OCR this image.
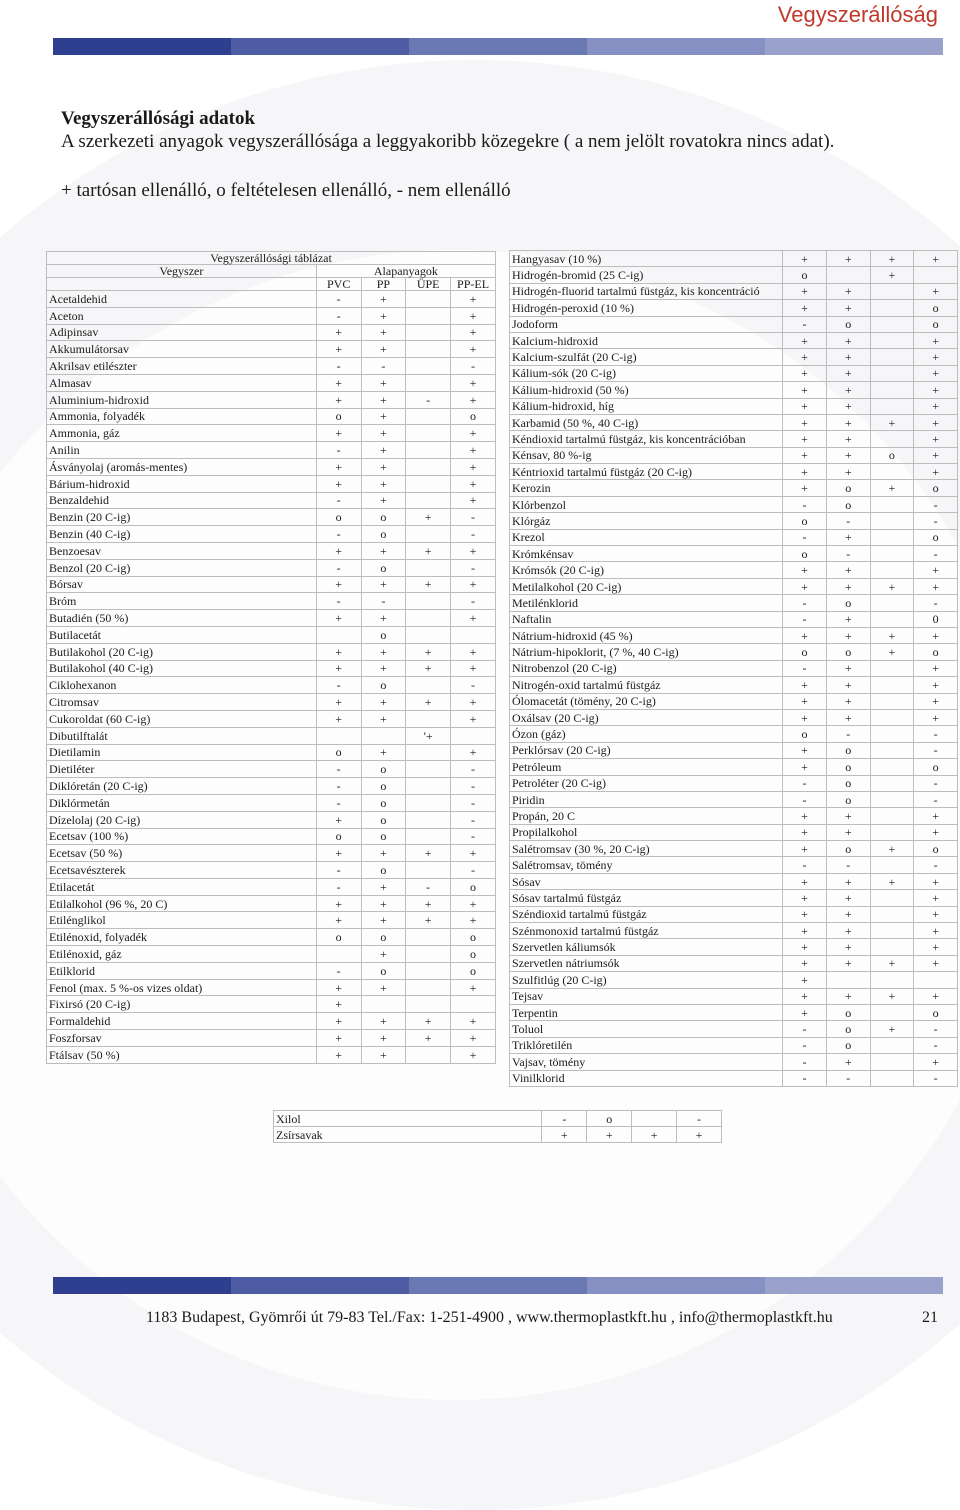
Vegyszerállóság
Vegyszerállósági adatok
A szerkezeti anyagok vegyszerállósága a leggyakoribb közegekre ( a nem jelölt rovatokra nincs adat).
+ tartósan ellenálló, o feltételesen ellenálló, - nem ellenálló
Vegyszerállósági táblázat				
Vegyszer	Alapanyagok			
	PVC	PP	ÜPE	PP-EL
Acetaldehid	-	+		+
Aceton	-	+		+
Adipinsav	+	+		+
Akkumulátorsav	+	+		+
Akrilsav etilészter	-	-		-
Almasav	+	+		+
Aluminium-hidroxid	+	+	-	+
Ammonia, folyadék	o	+		o
Ammonia, gáz	+	+		+
Anilin	-	+		+
Ásványolaj (aromás-mentes)	+	+		+
Bárium-hidroxid	+	+		+
Benzaldehid	-	+		+
Benzin (20 C-ig)	o	o	+	-
Benzin (40 C-ig)	-	o		-
Benzoesav	+	+	+	+
Benzol (20 C-ig)	-	o		-
Bórsav	+	+	+	+
Bróm	-	-		-
Butadién (50 %)	+	+		+
Butilacetát		o		
Butilakohol (20 C-ig)	+	+	+	+
Butilakohol (40 C-ig)	+	+	+	+
Ciklohexanon	-	o		-
Citromsav	+	+	+	+
Cukoroldat (60 C-ig)	+	+		+
Dibutilftalát			'+	
Dietilamin	o	+		+
Dietiléter	-	o		-
Diklóretán (20 C-ig)	-	o		-
Diklórmetán	-	o		-
Dízelolaj (20 C-ig)	+	o		-
Ecetsav (100 %)	o	o		-
Ecetsav (50 %)	+	+	+	+
Ecetsavészterek	-	o		-
Etilacetát	-	+	-	o
Etilalkohol (96 %, 20 C)	+	+	+	+
Etilénglikol	+	+	+	+
Etilénoxid, folyadék	o	o		o
Etilénoxid, gáz		+		o
Etilklorid	-	o		o
Fenol (max. 5 %-os vizes oldat)	+	+		+
Fixirsó (20 C-ig)	+			
Formaldehid	+	+	+	+
Foszforsav	+	+	+	+
Ftálsav (50 %)	+	+		+
Hangyasav (10 %)	+	+	+	+
Hidrogén-bromid (25 C-ig)	o		+	
Hidrogén-fluorid tartalmú füstgáz, kis koncentráció	+	+		+
Hidrogén-peroxid (10 %)	+	+		o
Jodoform	-	o		o
Kalcium-hidroxid	+	+		+
Kalcium-szulfát (20 C-ig)	+	+		+
Kálium-sók (20 C-ig)	+	+		+
Kálium-hidroxid (50 %)	+	+		+
Kálium-hidroxid, híg	+	+		+
Karbamid (50 %, 40 C-ig)	+	+	+	+
Kéndioxid tartalmú füstgáz, kis koncentrációban	+	+		+
Kénsav, 80 %-ig	+	+	o	+
Kéntrioxid tartalmú füstgáz (20 C-ig)	+	+		+
Kerozin	+	o	+	o
Klórbenzol	-	o		-
Klórgáz	o	-		-
Krezol	-	+		o
Krómkénsav	o	-		-
Krómsók (20 C-ig)	+	+		+
Metilalkohol (20 C-ig)	+	+	+	+
Metilénklorid	-	o		-
Naftalin	-	+		0
Nátrium-hidroxid (45 %)	+	+	+	+
Nátrium-hipoklorit, (7 %, 40 C-ig)	o	o	+	o
Nitrobenzol (20 C-ig)	-	+		+
Nitrogén-oxid tartalmú füstgáz	+	+		+
Ólomacetát (tömény, 20 C-ig)	+	+		+
Oxálsav (20 C-ig)	+	+		+
Ózon (gáz)	o	-		-
Perklórsav (20 C-ig)	+	o		-
Petróleum	+	o		o
Petroléter (20 C-ig)	-	o		-
Piridin	-	o		-
Propán, 20 C	+	+		+
Propilalkohol	+	+		+
Salétromsav (30 %, 20 C-ig)	+	o	+	o
Salétromsav, tömény	-	-		-
Sósav	+	+	+	+
Sósav tartalmú füstgáz	+	+		+
Széndioxid tartalmú füstgáz	+	+		+
Szénmonoxid tartalmú füstgáz	+	+		+
Szervetlen káliumsók	+	+		+
Szervetlen nátriumsók	+	+	+	+
Szulfitlúg (20 C-ig)	+			
Tejsav	+	+	+	+
Terpentin	+	o		o
Toluol	-	o	+	-
Triklóretilén	-	o		-
Vajsav, tömény	-	+		+
Vinilklorid	-	-		-
Xilol	-	o		-
Zsírsavak	+	+	+	+
1183 Budapest, Gyömrői út 79-83 Tel./Fax: 1-251-4900 , www.thermoplastkft.hu , info@thermoplastkft.hu	21
